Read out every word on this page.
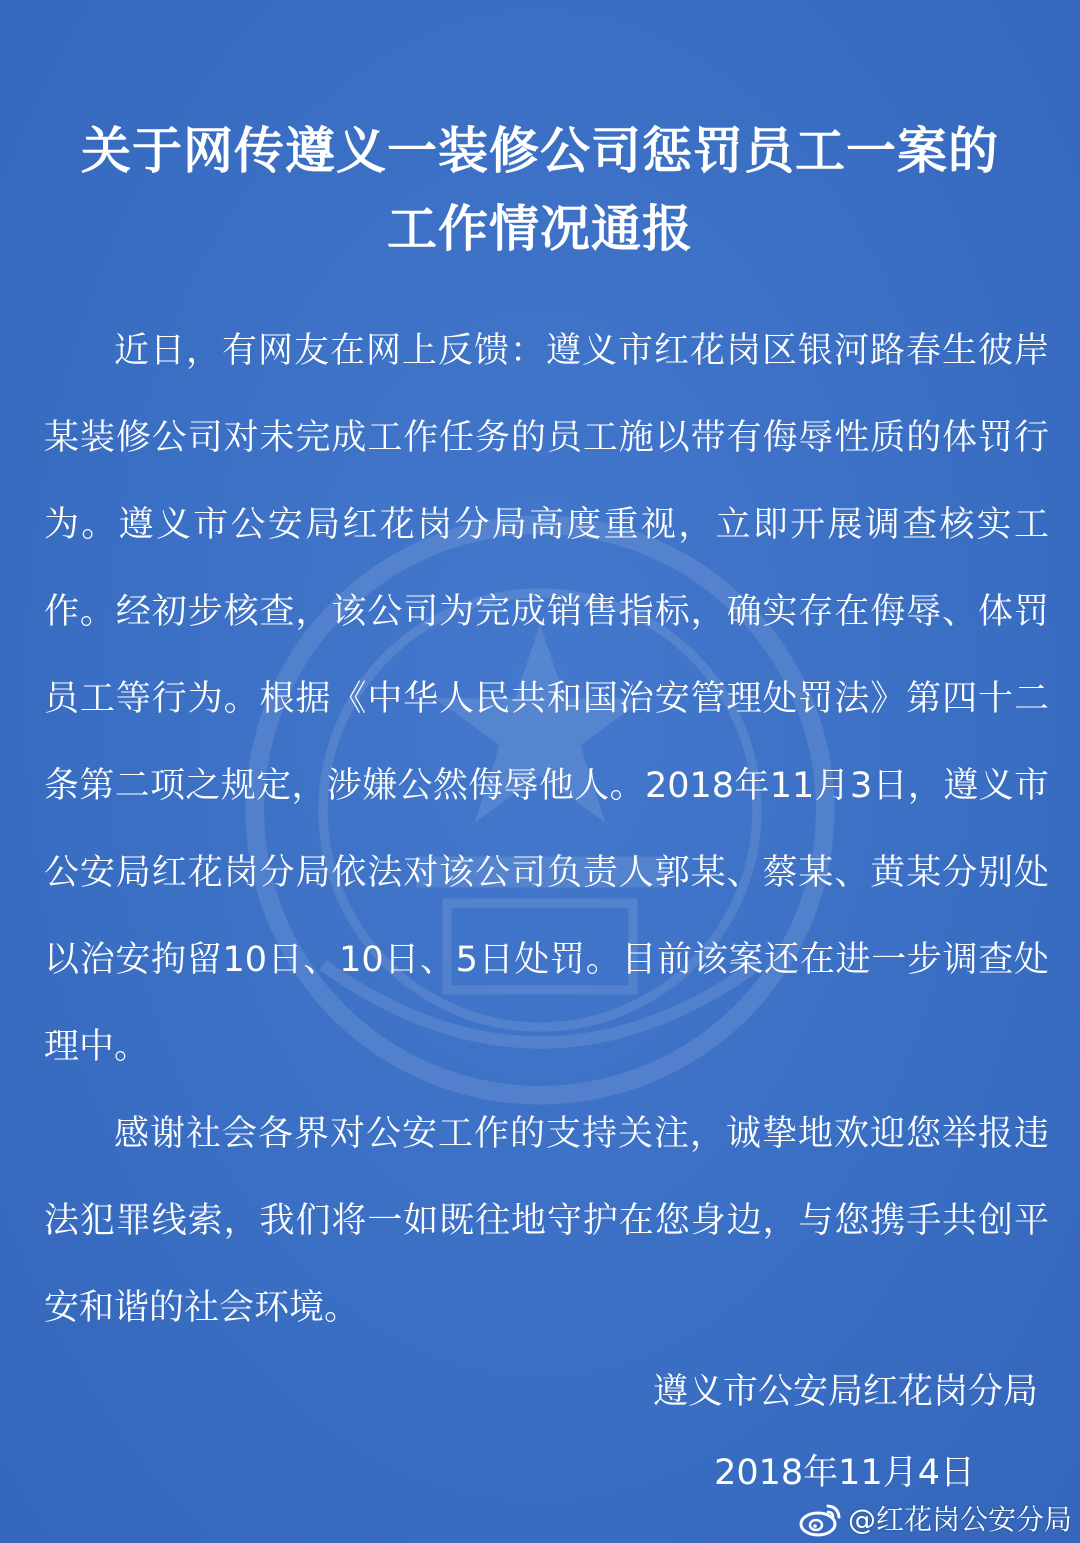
关于网传遵义一装修公司惩罚员工一案的
工作情况通报

近日，有网友在网上反馈：遵义市红花岗区银河路春生彼岸某装修公司对未完成工作任务的员工施以带有侮辱性质的体罚行为。遵义市公安局红花岗分局高度重视，立即开展调查核实工作。经初步核查，该公司为完成销售指标，确实存在侮辱、体罚员工等行为。根据《中华人民共和国治安管理处罚法》第四十二条第二项之规定，涉嫌公然侮辱他人。2018年11月3日，遵义市公安局红花岗分局依法对该公司负责人郭某、蔡某、黄某分别处以治安拘留10日、10日、5日处罚。目前该案还在进一步调查处理中。

感谢社会各界对公安工作的支持关注，诚挚地欢迎您举报违法犯罪线索，我们将一如既往地守护在您身边，与您携手共创平安和谐的社会环境。

遵义市公安局红花岗分局

2018年11月4日

@红花岗公安分局
